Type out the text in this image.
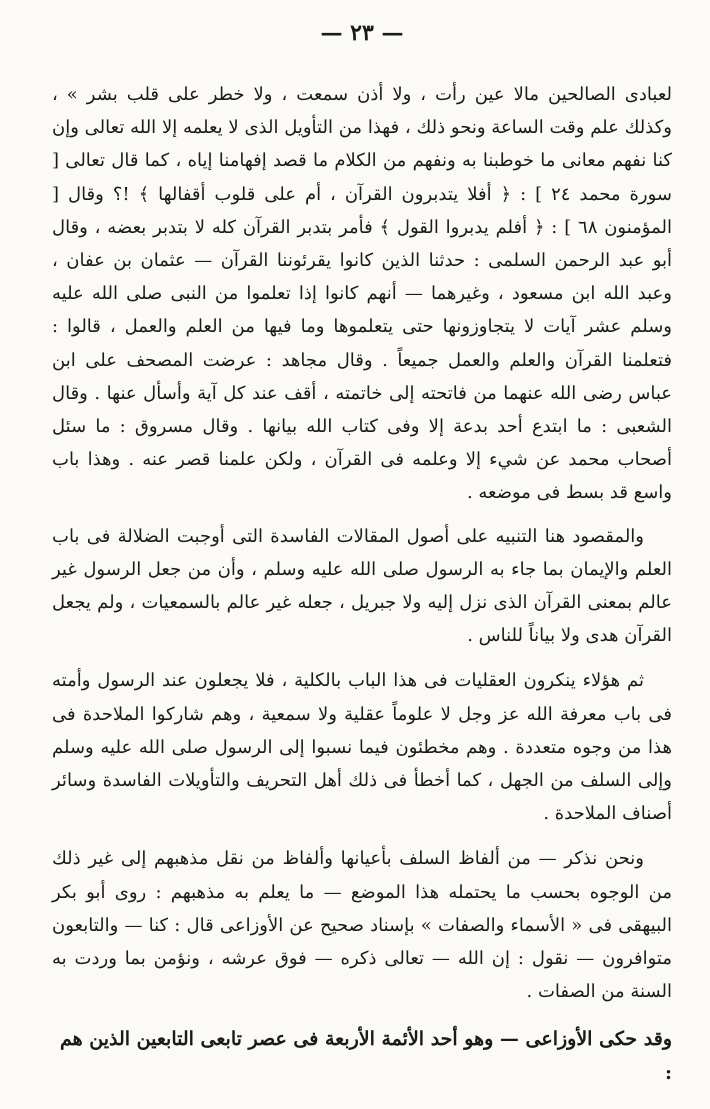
— ٢٣ —

لعبادى الصالحين مالا عين رأت ، ولا أذن سمعت ، ولا خطر على قلب بشر » ، وكذلك علم وقت الساعة ونحو ذلك ، فهذا من التأويل الذى لا يعلمه إلا الله تعالى وإن كنا نفهم معانى ما خوطبنا به ونفهم من الكلام ما قصد إفهامنا إياه ، كما قال تعالى [ سورة محمد ٢٤ ] : ﴿ أفلا يتدبرون القرآن ، أم على قلوب أقفالها ﴾ !؟ وقال [ المؤمنون ٦٨ ] : ﴿ أفلم يدبروا القول ﴾ فأمر بتدبر القرآن كله لا بتدبر بعضه ، وقال أبو عبد الرحمن السلمى : حدثنا الذين كانوا يقرئوننا القرآن — عثمان بن عفان ، وعبد الله ابن مسعود ، وغيرهما — أنهم كانوا إذا تعلموا من النبى صلى الله عليه وسلم عشر آيات لا يتجاوزونها حتى يتعلموها وما فيها من العلم والعمل ، قالوا : فتعلمنا القرآن والعلم والعمل جميعاً . وقال مجاهد : عرضت المصحف على ابن عباس رضى الله عنهما من فاتحته إلى خاتمته ، أقف عند كل آية وأسأل عنها . وقال الشعبى : ما ابتدع أحد بدعة إلا وفى كتاب الله بيانها . وقال مسروق : ما سئل أصحاب محمد عن شيء إلا وعلمه فى القرآن ، ولكن علمنا قصر عنه . وهذا باب واسع قد بسط فى موضعه .

والمقصود هنا التنبيه على أصول المقالات الفاسدة التى أوجبت الضلالة فى باب العلم والإيمان بما جاء به الرسول صلى الله عليه وسلم ، وأن من جعل الرسول غير عالم بمعنى القرآن الذى نزل إليه ولا جبريل ، جعله غير عالم بالسمعيات ، ولم يجعل القرآن هدى ولا بياناً للناس .

ثم هؤلاء ينكرون العقليات فى هذا الباب بالكلية ، فلا يجعلون عند الرسول وأمته فى باب معرفة الله عز وجل لا علوماً عقلية ولا سمعية ، وهم شاركوا الملاحدة فى هذا من وجوه متعددة . وهم مخطئون فيما نسبوا إلى الرسول صلى الله عليه وسلم وإلى السلف من الجهل ، كما أخطأ فى ذلك أهل التحريف والتأويلات الفاسدة وسائر أصناف الملاحدة .

ونحن نذكر — من ألفاظ السلف بأعيانها وألفاظ من نقل مذهبهم إلى غير ذلك من الوجوه بحسب ما يحتمله هذا الموضع — ما يعلم به مذهبهم : روى أبو بكر البيهقى فى « الأسماء والصفات » بإسناد صحيح عن الأوزاعى قال : كنا — والتابعون متوافرون — نقول : إن الله — تعالى ذكره — فوق عرشه ، ونؤمن بما وردت به السنة من الصفات .

وقد حكى الأوزاعى — وهو أحد الأئمة الأربعة فى عصر تابعى التابعين الذين هم :
